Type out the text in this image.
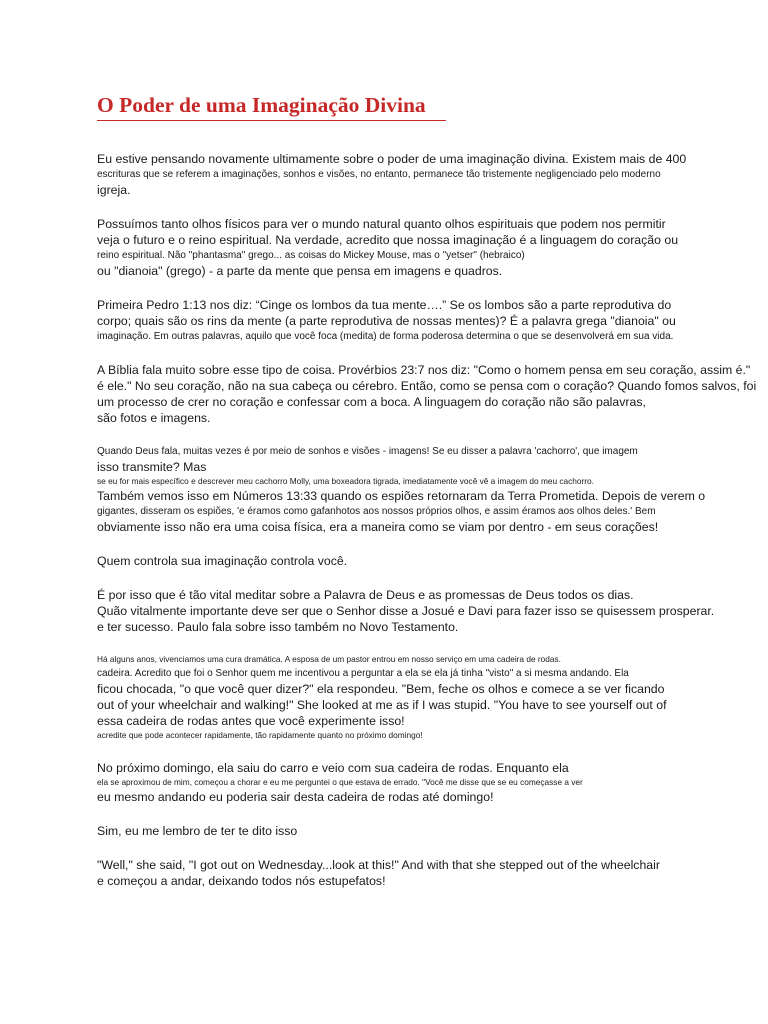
O Poder de uma Imaginação Divina
Eu estive pensando novamente ultimamente sobre o poder de uma imaginação divina. Existem mais de 400
escrituras que se referem a imaginações, sonhos e visões, no entanto, permanece tão tristemente negligenciado pelo moderno
igreja.
Possuímos tanto olhos físicos para ver o mundo natural quanto olhos espirituais que podem nos permitir
veja o futuro e o reino espiritual. Na verdade, acredito que nossa imaginação é a linguagem do coração ou
reino espiritual. Não "phantasma" grego... as coisas do Mickey Mouse, mas o "yetser" (hebraico)
ou "dianoia" (grego) - a parte da mente que pensa em imagens e quadros.
Primeira Pedro 1:13 nos diz: “Cinge os lombos da tua mente….” Se os lombos são a parte reprodutiva do
corpo; quais são os rins da mente (a parte reprodutiva de nossas mentes)? É a palavra grega "dianoia" ou
imaginação. Em outras palavras, aquilo que você foca (medita) de forma poderosa determina o que se desenvolverá em sua vida.
A Bíblia fala muito sobre esse tipo de coisa. Provérbios 23:7 nos diz: "Como o homem pensa em seu coração, assim é."
é ele." No seu coração, não na sua cabeça ou cérebro. Então, como se pensa com o coração? Quando fomos salvos, foi
um processo de crer no coração e confessar com a boca. A linguagem do coração não são palavras,
são fotos e imagens.
Quando Deus fala, muitas vezes é por meio de sonhos e visões - imagens! Se eu disser a palavra 'cachorro', que imagem
isso transmite? Mas
se eu for mais específico e descrever meu cachorro Molly, uma boxeadora tigrada, imediatamente você vê a imagem do meu cachorro.
Também vemos isso em Números 13:33 quando os espiões retornaram da Terra Prometida. Depois de verem o
gigantes, disseram os espiões, 'e éramos como gafanhotos aos nossos próprios olhos, e assim éramos aos olhos deles.' Bem
obviamente isso não era uma coisa física, era a maneira como se viam por dentro - em seus corações!
Quem controla sua imaginação controla você.
É por isso que é tão vital meditar sobre a Palavra de Deus e as promessas de Deus todos os dias.
Quão vitalmente importante deve ser que o Senhor disse a Josué e Davi para fazer isso se quisessem prosperar.
e ter sucesso. Paulo fala sobre isso também no Novo Testamento.
Há alguns anos, vivenciamos uma cura dramática. A esposa de um pastor entrou em nosso serviço em uma cadeira de rodas.
cadeira. Acredito que foi o Senhor quem me incentivou a perguntar a ela se ela já tinha "visto" a si mesma andando. Ela
ficou chocada, "o que você quer dizer?" ela respondeu. "Bem, feche os olhos e comece a se ver ficando
out of your wheelchair and walking!" She looked at me as if I was stupid. "You have to see yourself out of
essa cadeira de rodas antes que você experimente isso!
acredite que pode acontecer rapidamente, tão rapidamente quanto no próximo domingo!
No próximo domingo, ela saiu do carro e veio com sua cadeira de rodas. Enquanto ela
ela se aproximou de mim, começou a chorar e eu me perguntei o que estava de errado. "Você me disse que se eu começasse a ver
eu mesmo andando eu poderia sair desta cadeira de rodas até domingo!
Sim, eu me lembro de ter te dito isso
"Well," she said, "I got out on Wednesday...look at this!" And with that she stepped out of the wheelchair
e começou a andar, deixando todos nós estupefatos!
